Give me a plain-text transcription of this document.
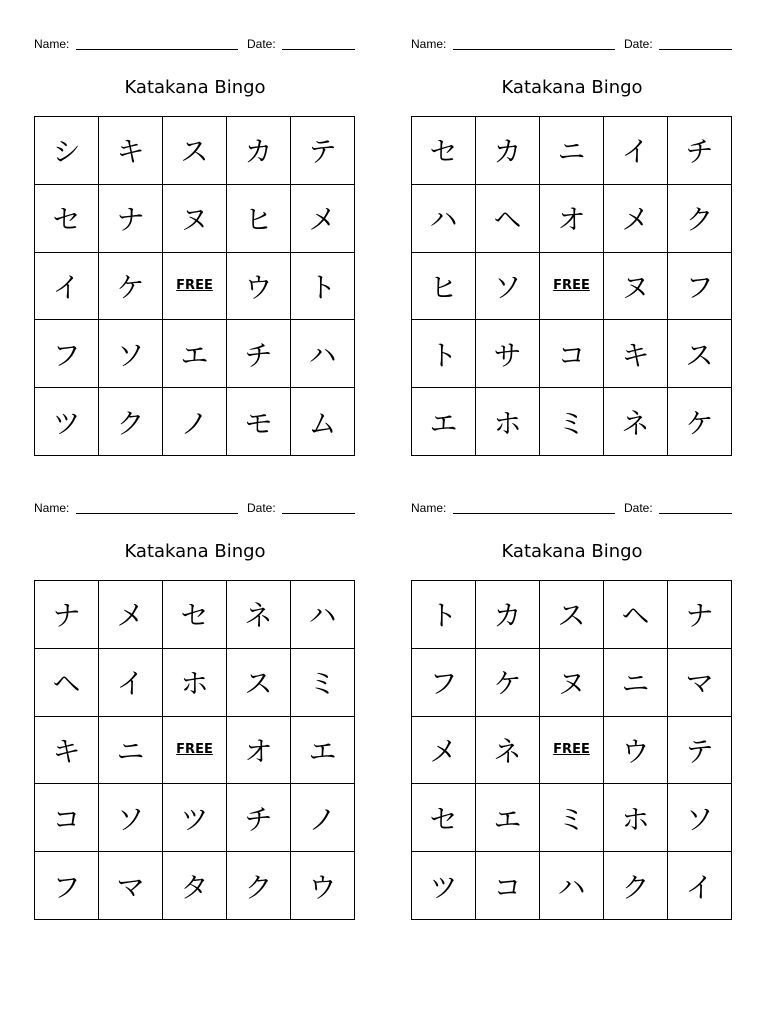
Name:	Date:
Katakana Bingo
シ	キ	ス	カ	テ
セ	ナ	ヌ	ヒ	メ
イ	ケ	FREE	ウ	ト
フ	ソ	エ	チ	ハ
ツ	ク	ノ	モ	ム
Name:	Date:
Katakana Bingo
セ	カ	ニ	イ	チ
ハ	ヘ	オ	メ	ク
ヒ	ソ	FREE	ヌ	フ
ト	サ	コ	キ	ス
エ	ホ	ミ	ネ	ケ
Name:	Date:
Katakana Bingo
ナ	メ	セ	ネ	ハ
ヘ	イ	ホ	ス	ミ
キ	ニ	FREE	オ	エ
コ	ソ	ツ	チ	ノ
フ	マ	タ	ク	ウ
Name:	Date:
Katakana Bingo
ト	カ	ス	ヘ	ナ
フ	ケ	ヌ	ニ	マ
メ	ネ	FREE	ウ	テ
セ	エ	ミ	ホ	ソ
ツ	コ	ハ	ク	イ
